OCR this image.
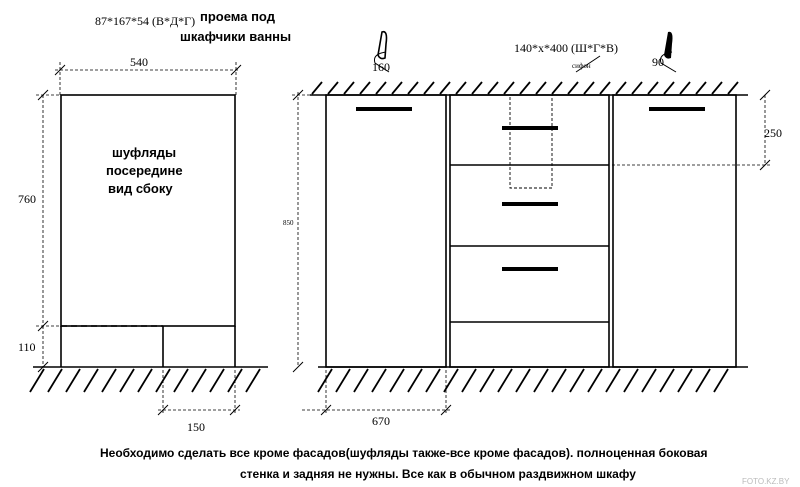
87*167*54 (В*Д*Г) проема под
шкафчики ванны
540
760
110
шуфляды
посередине
вид сбоку
150
160	90
140*x*400 (Ш*Г*В)
сифон
850
250
670
Необходимо сделать все кроме фасадов(шуфляды также-все кроме фасадов). полноценная боковая
стенка и задняя не нужны. Все как в обычном раздвижном шкафу
FOTO.KZ.BY
